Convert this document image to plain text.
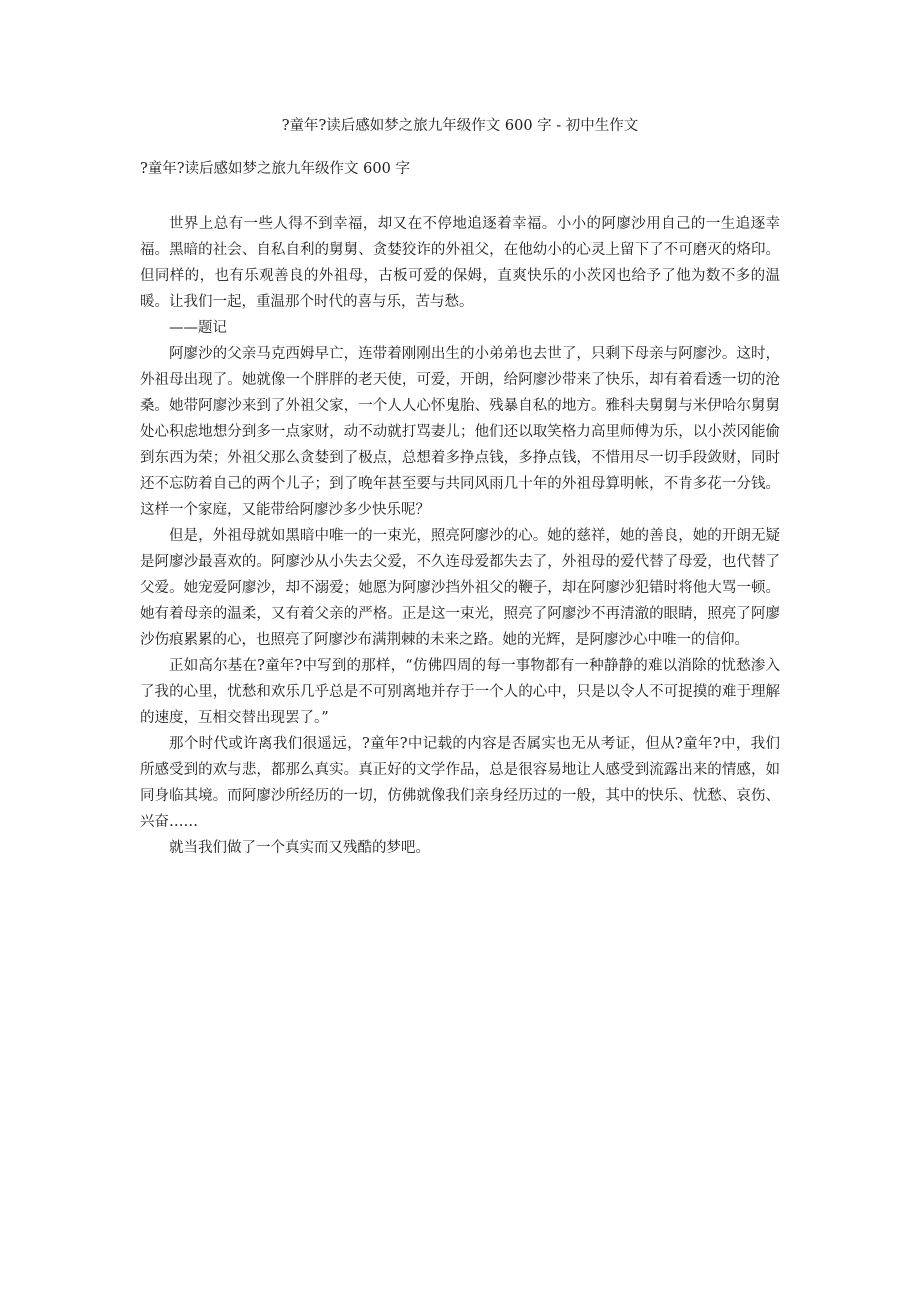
?童年?读后感如梦之旅九年级作文 600 字 - 初中生作文
?童年?读后感如梦之旅九年级作文 600 字

世界上总有一些人得不到幸福，却又在不停地追逐着幸福。小小的阿廖沙用自己的一生追逐幸福。黑暗的社会、自私自利的舅舅、贪婪狡诈的外祖父，在他幼小的心灵上留下了不可磨灭的烙印。但同样的，也有乐观善良的外祖母，古板可爱的保姆，直爽快乐的小茨冈也给予了他为数不多的温暖。让我们一起，重温那个时代的喜与乐，苦与愁。

——题记

阿廖沙的父亲马克西姆早亡，连带着刚刚出生的小弟弟也去世了，只剩下母亲与阿廖沙。这时，外祖母出现了。她就像一个胖胖的老天使，可爱，开朗，给阿廖沙带来了快乐，却有着看透一切的沧桑。她带阿廖沙来到了外祖父家，一个人人心怀鬼胎、残暴自私的地方。雅科夫舅舅与米伊哈尔舅舅处心积虑地想分到多一点家财，动不动就打骂妻儿；他们还以取笑格力高里师傅为乐，以小茨冈能偷到东西为荣；外祖父那么贪婪到了极点，总想着多挣点钱，多挣点钱，不惜用尽一切手段敛财，同时还不忘防着自己的两个儿子；到了晚年甚至要与共同风雨几十年的外祖母算明帐，不肯多花一分钱。这样一个家庭，又能带给阿廖沙多少快乐呢？

但是，外祖母就如黑暗中唯一的一束光，照亮阿廖沙的心。她的慈祥，她的善良，她的开朗无疑是阿廖沙最喜欢的。阿廖沙从小失去父爱，不久连母爱都失去了，外祖母的爱代替了母爱，也代替了父爱。她宠爱阿廖沙，却不溺爱；她愿为阿廖沙挡外祖父的鞭子，却在阿廖沙犯错时将他大骂一顿。她有着母亲的温柔，又有着父亲的严格。正是这一束光，照亮了阿廖沙不再清澈的眼睛，照亮了阿廖沙伤痕累累的心，也照亮了阿廖沙布满荆棘的未来之路。她的光辉，是阿廖沙心中唯一的信仰。

正如高尔基在?童年?中写到的那样，“仿佛四周的每一事物都有一种静静的难以消除的忧愁渗入了我的心里，忧愁和欢乐几乎总是不可别离地并存于一个人的心中，只是以令人不可捉摸的难于理解的速度，互相交替出现罢了。”

那个时代或许离我们很遥远，?童年?中记载的内容是否属实也无从考证，但从?童年?中，我们所感受到的欢与悲，都那么真实。真正好的文学作品，总是很容易地让人感受到流露出来的情感，如同身临其境。而阿廖沙所经历的一切，仿佛就像我们亲身经历过的一般，其中的快乐、忧愁、哀伤、兴奋……

就当我们做了一个真实而又残酷的梦吧。
